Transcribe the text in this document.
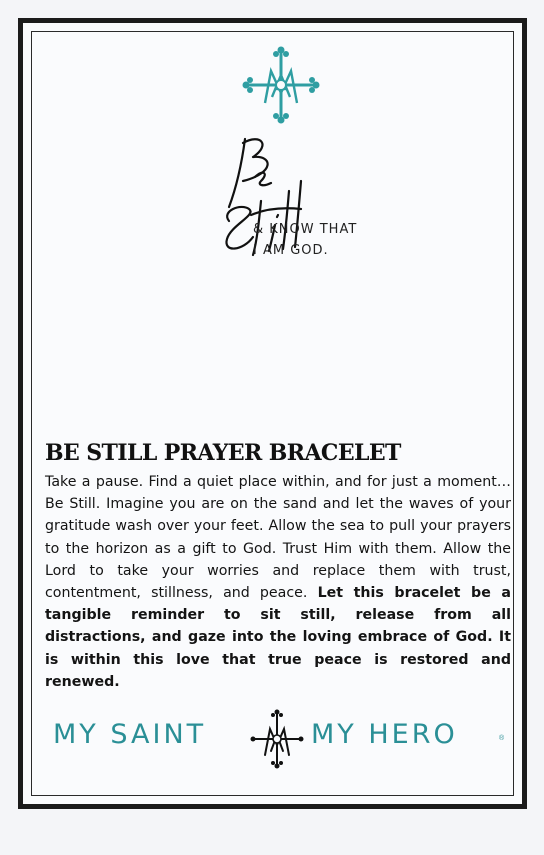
& KNOW THAT
I AM GOD.
BE STILL PRAYER BRACELET

Take a pause. Find a quiet place within, and for just a moment… Be Still. Imagine you are on the sand and let the waves of your gratitude wash over your feet. Allow the sea to pull your prayers to the horizon as a gift to God. Trust Him with them. Allow the Lord to take your worries and replace them with trust, contentment, stillness, and peace. Let this bracelet be a tangible reminder to sit still, release from all distractions, and gaze into the loving embrace of God. It is within this love that true peace is restored and renewed.

MY SAINT	MY HERO	®
